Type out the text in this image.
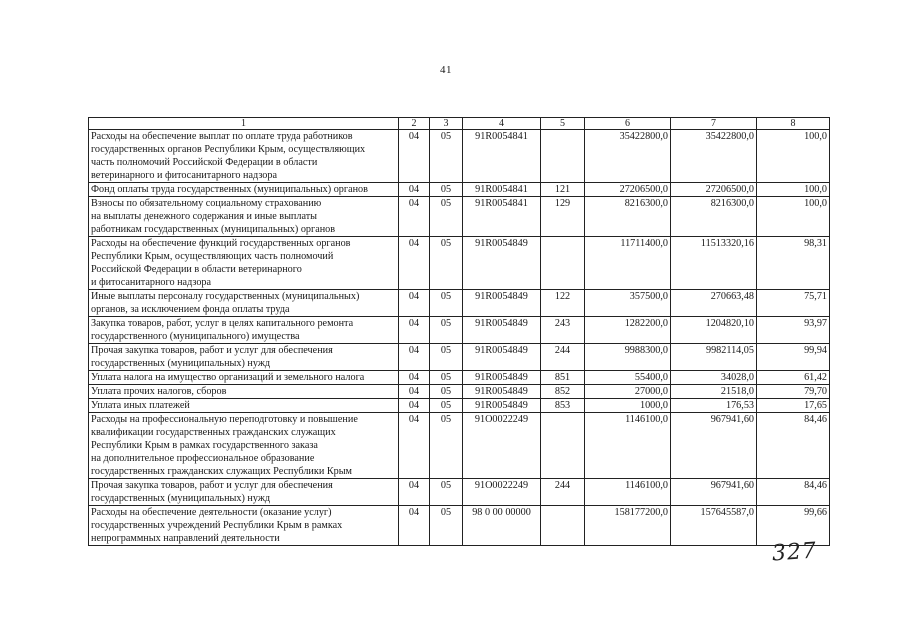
41
1	2	3	4	5	6	7	8

Расходы на обеспечение выплат по оплате труда работников
государственных органов Республики Крым, осуществляющих
часть полномочий Российской Федерации в области
ветеринарного и фитосанитарного надзора	04	05	91R0054841		35422800,0	35422800,0	100,0

Фонд оплаты труда государственных (муниципальных) органов	04	05	91R0054841	121	27206500,0	27206500,0	100,0

Взносы по обязательному социальному страхованию
на выплаты денежного содержания и иные выплаты
работникам государственных (муниципальных) органов	04	05	91R0054841	129	8216300,0	8216300,0	100,0

Расходы на обеспечение функций государственных органов
Республики Крым, осуществляющих часть полномочий
Российской Федерации в области ветеринарного
и фитосанитарного надзора	04	05	91R0054849		11711400,0	11513320,16	98,31

Иные выплаты персоналу государственных (муниципальных)
органов, за исключением фонда оплаты труда	04	05	91R0054849	122	357500,0	270663,48	75,71

Закупка товаров, работ, услуг в целях капитального ремонта
государственного (муниципального) имущества	04	05	91R0054849	243	1282200,0	1204820,10	93,97

Прочая закупка товаров, работ и услуг для обеспечения
государственных (муниципальных) нужд	04	05	91R0054849	244	9988300,0	9982114,05	99,94

Уплата налога на имущество организаций и земельного налога	04	05	91R0054849	851	55400,0	34028,0	61,42

Уплата прочих налогов, сборов	04	05	91R0054849	852	27000,0	21518,0	79,70

Уплата иных платежей	04	05	91R0054849	853	1000,0	176,53	17,65

Расходы на профессиональную переподготовку и повышение
квалификации государственных гражданских служащих
Республики Крым в рамках государственного заказа
на дополнительное профессиональное образование
государственных гражданских служащих Республики Крым	04	05	91О0022249		1146100,0	967941,60	84,46

Прочая закупка товаров, работ и услуг для обеспечения
государственных (муниципальных) нужд	04	05	91О0022249	244	1146100,0	967941,60	84,46

Расходы на обеспечение деятельности (оказание услуг)
государственных учреждений Республики Крым в рамках
непрограммных направлений деятельности	04	05	98 0 00 00000		158177200,0	157645587,0	99,66
327
